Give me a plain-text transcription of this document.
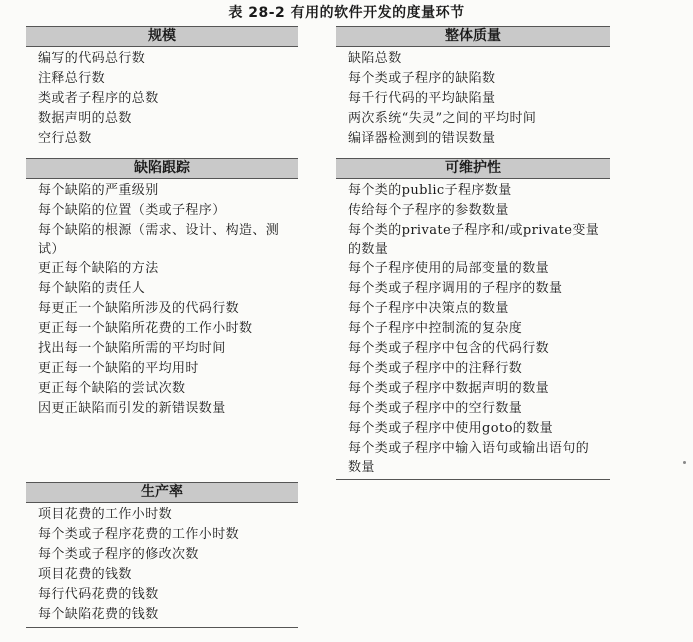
表 28-2 有用的软件开发的度量环节
规模
编写的代码总行数
注释总行数
类或者子程序的总数
数据声明的总数
空行总数
缺陷跟踪
每个缺陷的严重级别
每个缺陷的位置（类或子程序）
每个缺陷的根源（需求、设计、构造、测试）
更正每个缺陷的方法
每个缺陷的责任人
每更正一个缺陷所涉及的代码行数
更正每一个缺陷所花费的工作小时数
找出每一个缺陷所需的平均时间
更正每一个缺陷的平均用时
更正每个缺陷的尝试次数
因更正缺陷而引发的新错误数量
生产率
项目花费的工作小时数
每个类或子程序花费的工作小时数
每个类或子程序的修改次数
项目花费的钱数
每行代码花费的钱数
每个缺陷花费的钱数
整体质量
缺陷总数
每个类或子程序的缺陷数
每千行代码的平均缺陷量
两次系统“失灵”之间的平均时间
编译器检测到的错误数量
可维护性
每个类的public子程序数量
传给每个子程序的参数数量
每个类的private子程序和/或private变量的数量
每个子程序使用的局部变量的数量
每个类或子程序调用的子程序的数量
每个子程序中决策点的数量
每个子程序中控制流的复杂度
每个类或子程序中包含的代码行数
每个类或子程序中的注释行数
每个类或子程序中数据声明的数量
每个类或子程序中的空行数量
每个类或子程序中使用goto的数量
每个类或子程序中输入语句或输出语句的数量
